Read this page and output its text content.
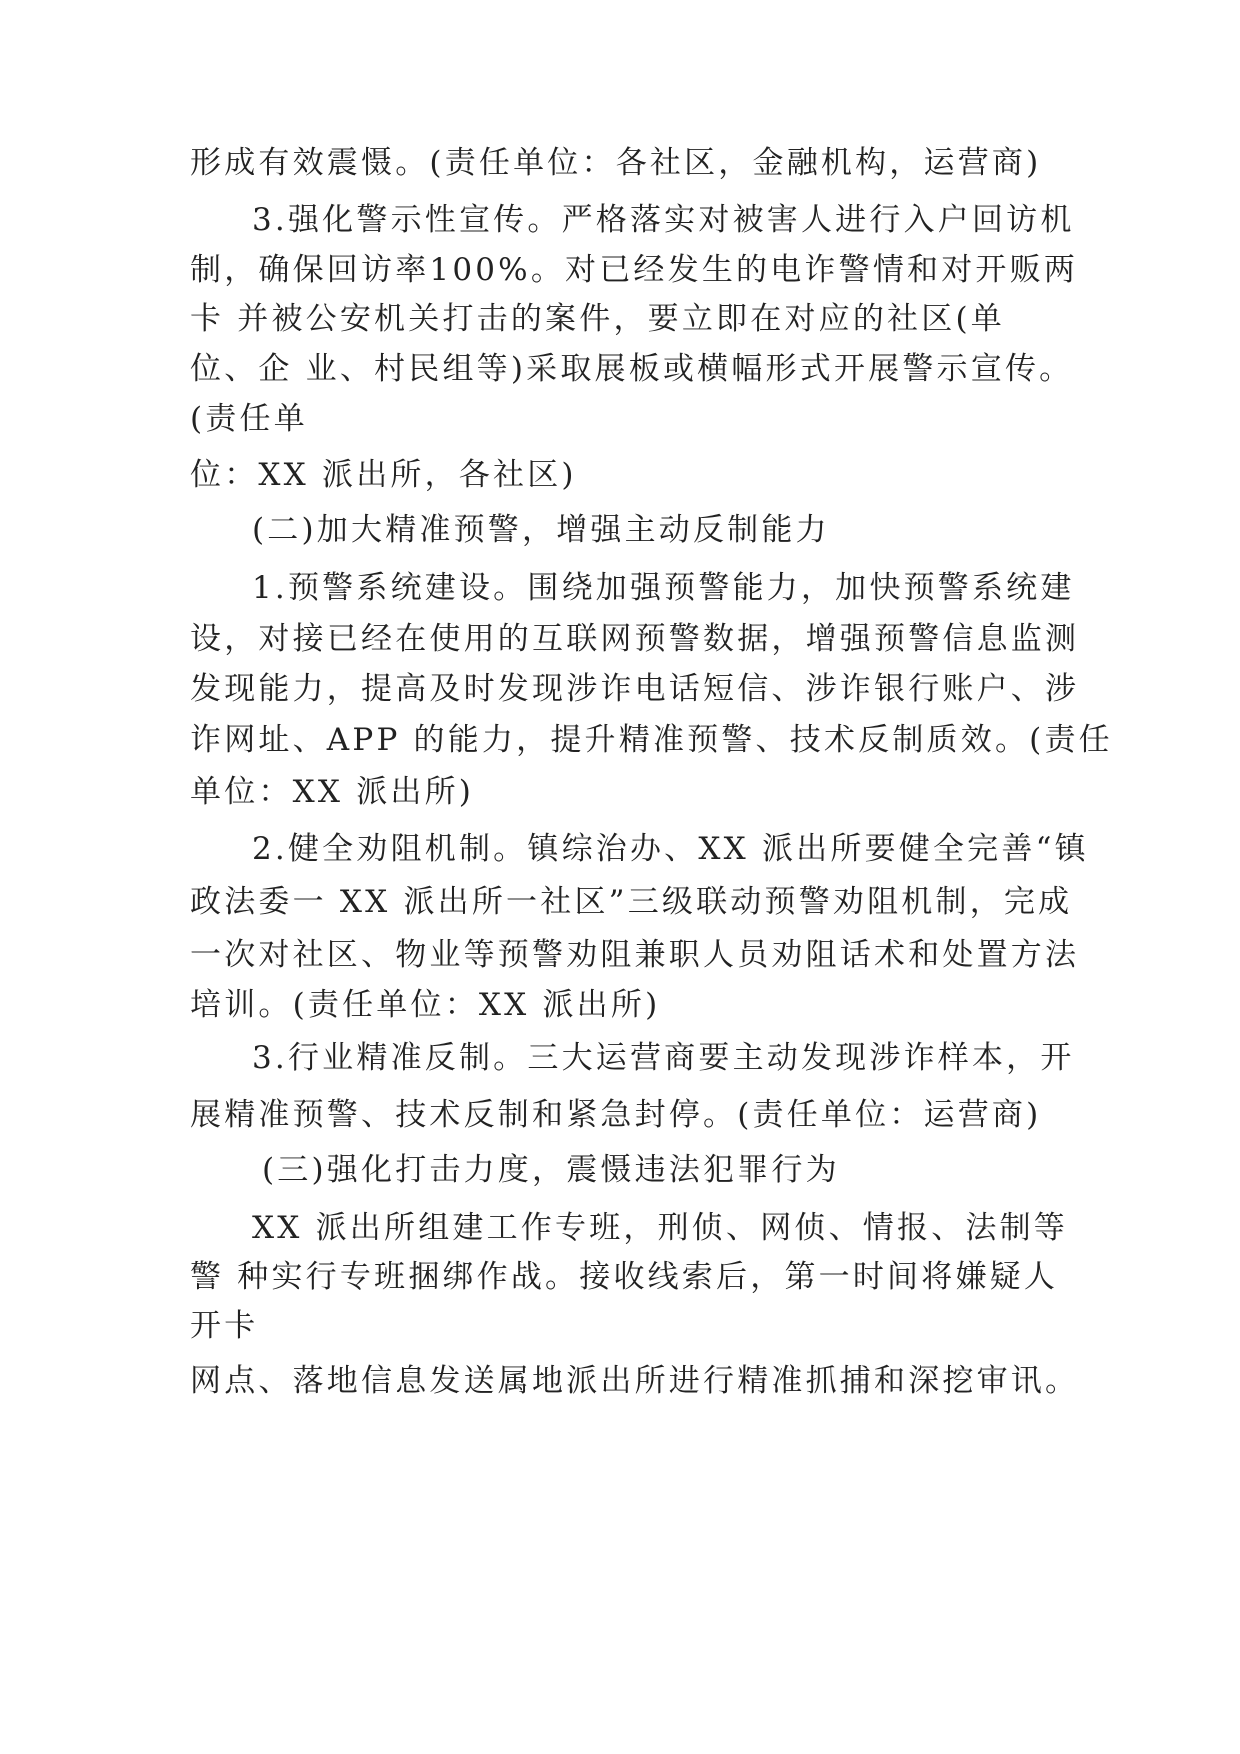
形成有效震慑。(责任单位：各社区，金融机构，运营商)
3.强化警示性宣传。严格落实对被害人进行入户回访机
制，确保回访率100%。对已经发生的电诈警情和对开贩两
卡 并被公安机关打击的案件，要立即在对应的社区(单
位、企 业、村民组等)采取展板或横幅形式开展警示宣传。
(责任单
位：XX 派出所，各社区)
(二)加大精准预警，增强主动反制能力
1.预警系统建设。围绕加强预警能力，加快预警系统建
设，对接已经在使用的互联网预警数据，增强预警信息监测
发现能力，提高及时发现涉诈电话短信、涉诈银行账户、涉
诈网址、APP 的能力，提升精准预警、技术反制质效。(责任
单位：XX 派出所)
2.健全劝阻机制。镇综治办、XX 派出所要健全完善“镇
政法委一 XX 派出所一社区”三级联动预警劝阻机制，完成
一次对社区、物业等预警劝阻兼职人员劝阻话术和处置方法
培训。(责任单位：XX 派出所)
3.行业精准反制。三大运营商要主动发现涉诈样本，开
展精准预警、技术反制和紧急封停。(责任单位：运营商)
(三)强化打击力度，震慑违法犯罪行为
XX 派出所组建工作专班，刑侦、网侦、情报、法制等
警 种实行专班捆绑作战。接收线索后，第一时间将嫌疑人
开卡
网点、落地信息发送属地派出所进行精准抓捕和深挖审讯。
